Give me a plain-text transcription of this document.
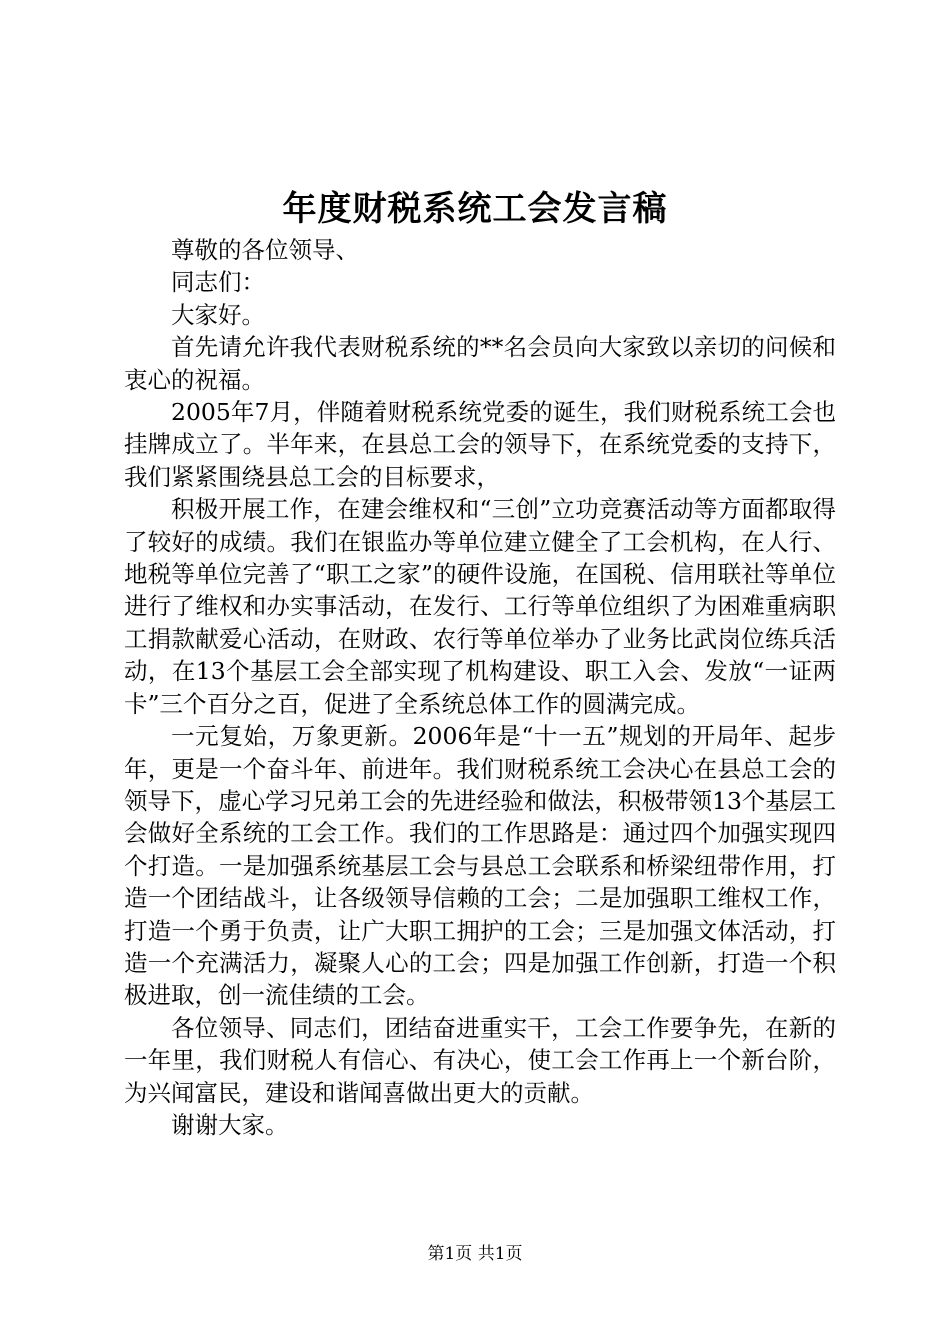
年度财税系统工会发言稿

尊敬的各位领导、

同志们：

大家好。

首先请允许我代表财税系统的**名会员向大家致以亲切的问候和衷心的祝福。

2005年7月，伴随着财税系统党委的诞生，我们财税系统工会也挂牌成立了。半年来，在县总工会的领导下，在系统党委的支持下，我们紧紧围绕县总工会的目标要求，

积极开展工作，在建会维权和“三创”立功竞赛活动等方面都取得了较好的成绩。我们在银监办等单位建立健全了工会机构，在人行、地税等单位完善了“职工之家”的硬件设施，在国税、信用联社等单位进行了维权和办实事活动，在发行、工行等单位组织了为困难重病职工捐款献爱心活动，在财政、农行等单位举办了业务比武岗位练兵活动，在13个基层工会全部实现了机构建设、职工入会、发放“一证两卡”三个百分之百，促进了全系统总体工作的圆满完成。

一元复始，万象更新。2006年是“十一五”规划的开局年、起步年，更是一个奋斗年、前进年。我们财税系统工会决心在县总工会的领导下，虚心学习兄弟工会的先进经验和做法，积极带领13个基层工会做好全系统的工会工作。我们的工作思路是：通过四个加强实现四个打造。一是加强系统基层工会与县总工会联系和桥梁纽带作用，打造一个团结战斗，让各级领导信赖的工会；二是加强职工维权工作，打造一个勇于负责，让广大职工拥护的工会；三是加强文体活动，打造一个充满活力，凝聚人心的工会；四是加强工作创新，打造一个积极进取，创一流佳绩的工会。

各位领导、同志们，团结奋进重实干，工会工作要争先，在新的一年里，我们财税人有信心、有决心，使工会工作再上一个新台阶，为兴闻富民，建设和谐闻喜做出更大的贡献。

谢谢大家。

第1页 共1页
